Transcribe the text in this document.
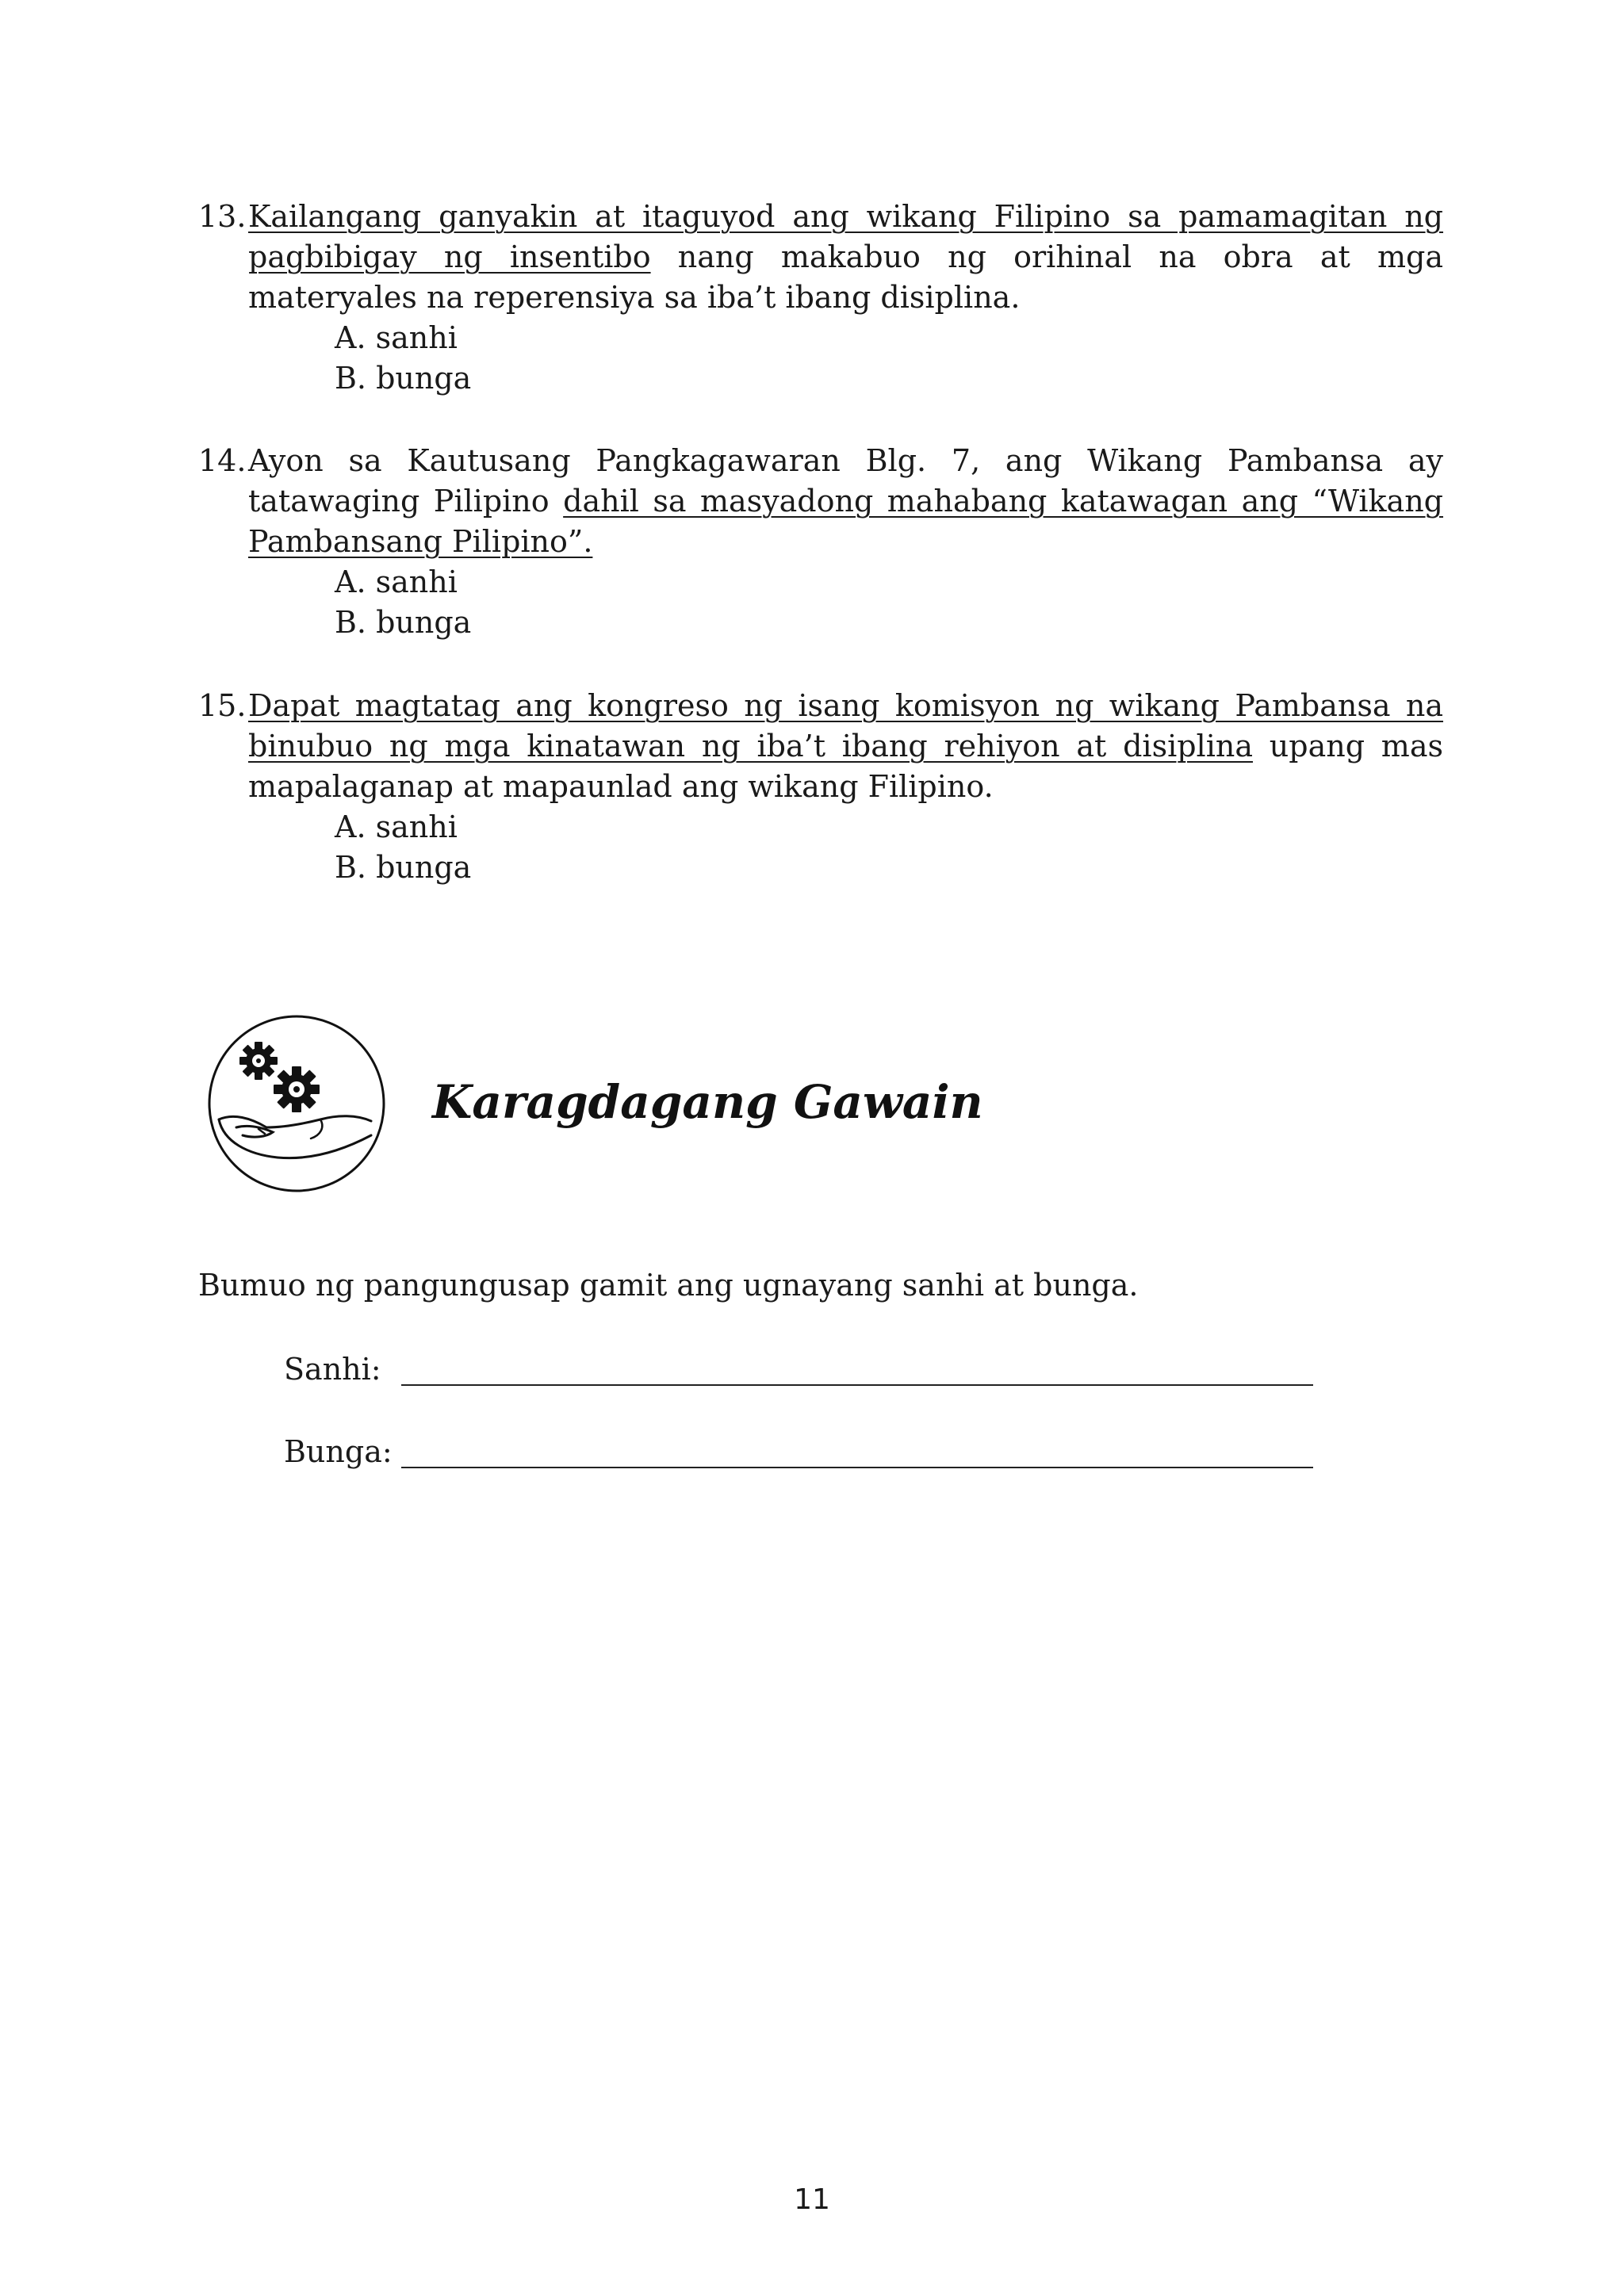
13. Kailangang ganyakin at itaguyod ang wikang Filipino sa pamamagitan ng pagbibigay ng insentibo nang makabuo ng orihinal na obra at mga materyales na reperensiya sa iba’t ibang disiplina.
A. sanhi
B. bunga
14. Ayon sa Kautusang Pangkagawaran Blg. 7, ang Wikang Pambansa ay tatawaging Pilipino dahil sa masyadong mahabang katawagan ang “Wikang Pambansang Pilipino”.
A. sanhi
B. bunga
15. Dapat magtatag ang kongreso ng isang komisyon ng wikang Pambansa na binubuo ng mga kinatawan ng iba’t ibang rehiyon at disiplina upang mas mapalaganap at mapaunlad ang wikang Filipino.
A. sanhi
B. bunga
Karagdagang Gawain

Bumuo ng pangungusap gamit ang ugnayang sanhi at bunga.

Sanhi:
Bunga:

11
